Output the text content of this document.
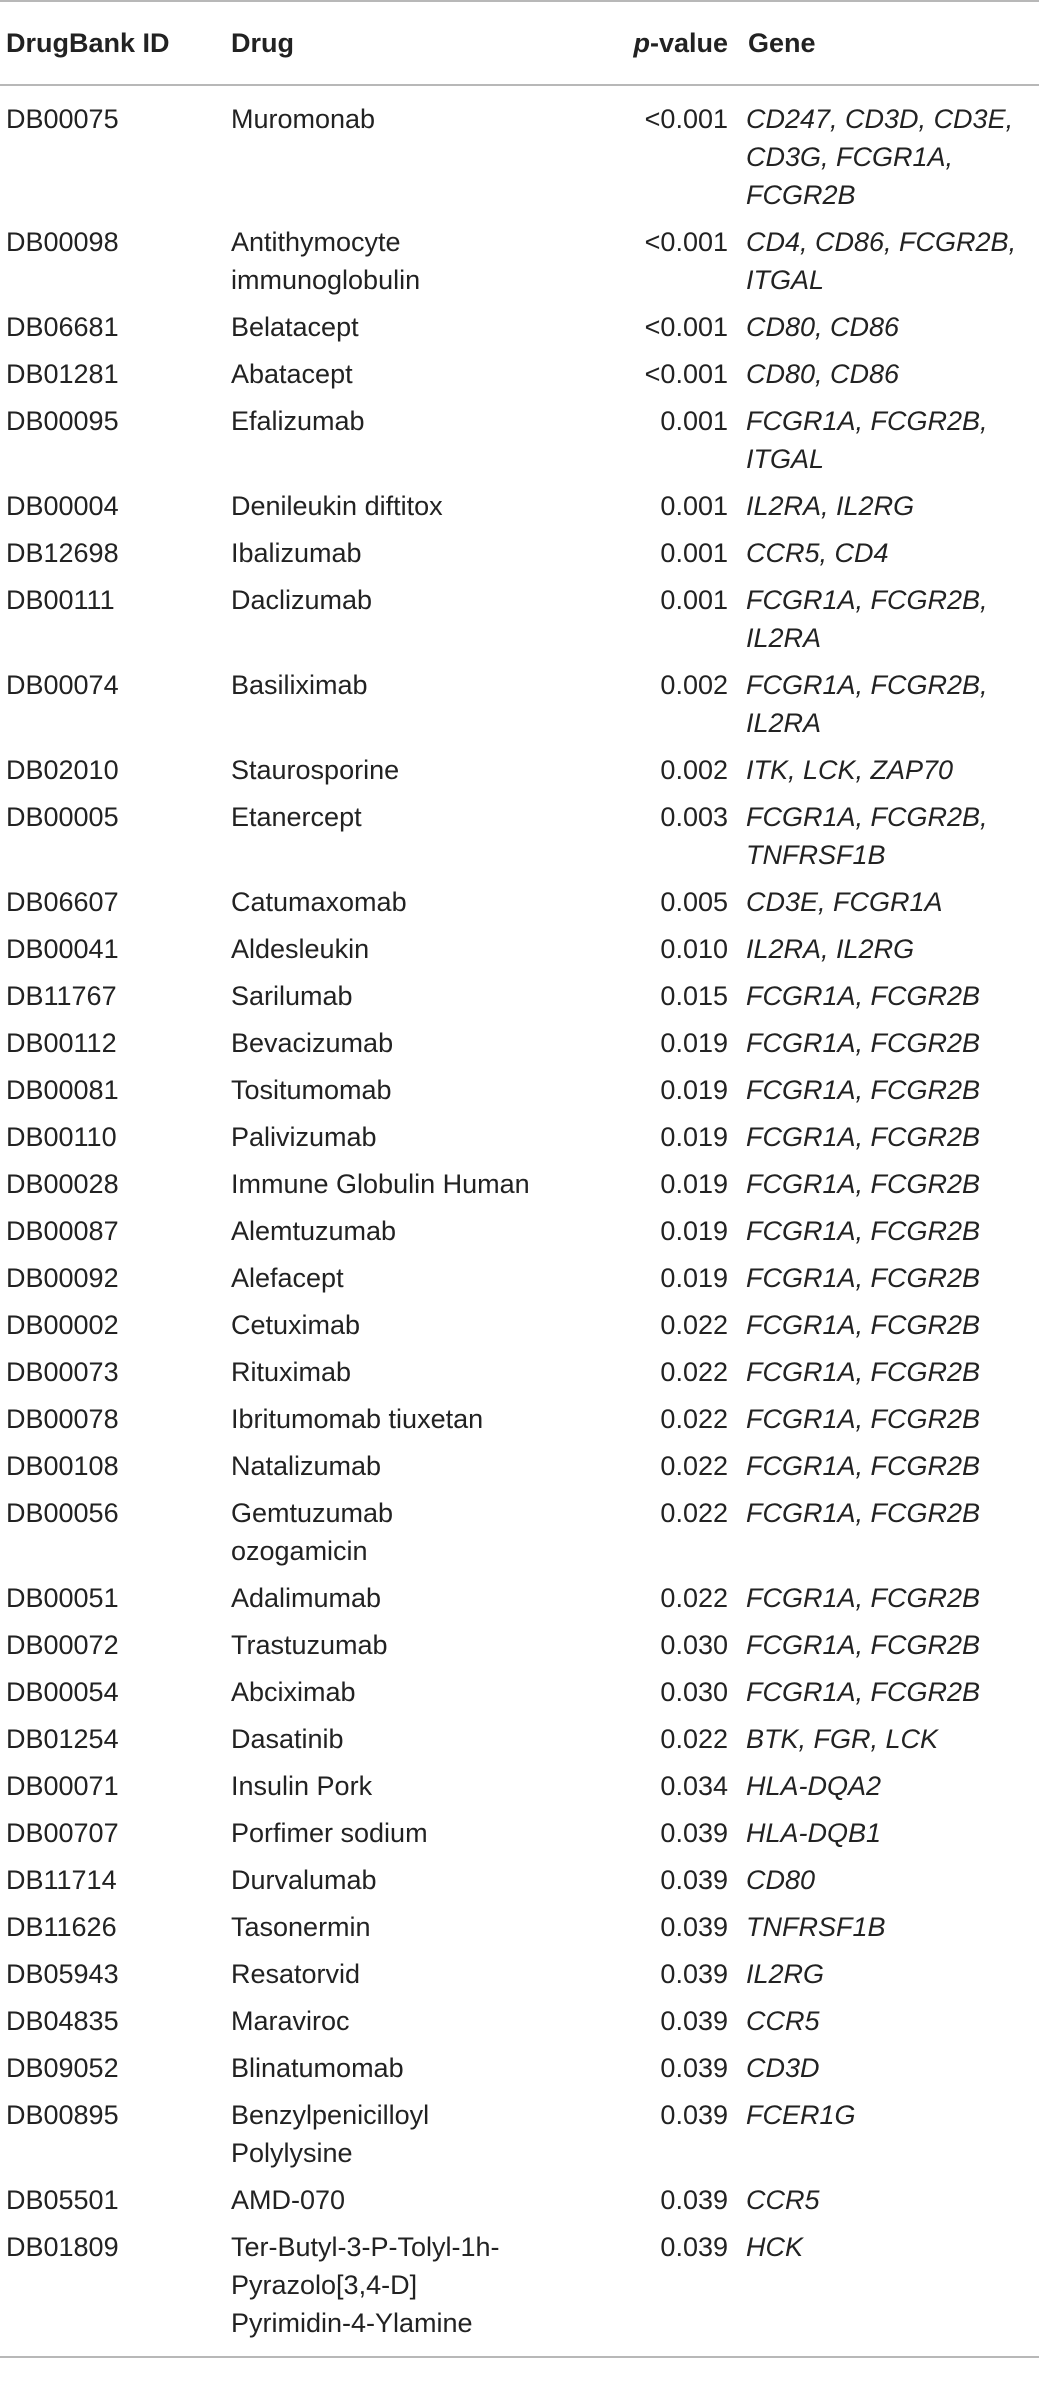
DrugBank ID	Drug	p-value	Gene
DB00075	Muromonab	<0.001	CD247, CD3D, CD3E,
CD3G, FCGR1A,
FCGR2B

DB00098	Antithymocyte
immunoglobulin	<0.001	CD4, CD86, FCGR2B,
ITGAL

DB06681	Belatacept	<0.001	CD80, CD86

DB01281	Abatacept	<0.001	CD80, CD86

DB00095	Efalizumab	0.001	FCGR1A, FCGR2B,
ITGAL

DB00004	Denileukin diftitox	0.001	IL2RA, IL2RG

DB12698	Ibalizumab	0.001	CCR5, CD4

DB00111	Daclizumab	0.001	FCGR1A, FCGR2B,
IL2RA

DB00074	Basiliximab	0.002	FCGR1A, FCGR2B,
IL2RA

DB02010	Staurosporine	0.002	ITK, LCK, ZAP70

DB00005	Etanercept	0.003	FCGR1A, FCGR2B,
TNFRSF1B

DB06607	Catumaxomab	0.005	CD3E, FCGR1A

DB00041	Aldesleukin	0.010	IL2RA, IL2RG

DB11767	Sarilumab	0.015	FCGR1A, FCGR2B

DB00112	Bevacizumab	0.019	FCGR1A, FCGR2B

DB00081	Tositumomab	0.019	FCGR1A, FCGR2B

DB00110	Palivizumab	0.019	FCGR1A, FCGR2B

DB00028	Immune Globulin Human	0.019	FCGR1A, FCGR2B

DB00087	Alemtuzumab	0.019	FCGR1A, FCGR2B

DB00092	Alefacept	0.019	FCGR1A, FCGR2B

DB00002	Cetuximab	0.022	FCGR1A, FCGR2B

DB00073	Rituximab	0.022	FCGR1A, FCGR2B

DB00078	Ibritumomab tiuxetan	0.022	FCGR1A, FCGR2B

DB00108	Natalizumab	0.022	FCGR1A, FCGR2B

DB00056	Gemtuzumab
ozogamicin	0.022	FCGR1A, FCGR2B

DB00051	Adalimumab	0.022	FCGR1A, FCGR2B

DB00072	Trastuzumab	0.030	FCGR1A, FCGR2B

DB00054	Abciximab	0.030	FCGR1A, FCGR2B

DB01254	Dasatinib	0.022	BTK, FGR, LCK

DB00071	Insulin Pork	0.034	HLA-DQA2

DB00707	Porfimer sodium	0.039	HLA-DQB1

DB11714	Durvalumab	0.039	CD80

DB11626	Tasonermin	0.039	TNFRSF1B

DB05943	Resatorvid	0.039	IL2RG

DB04835	Maraviroc	0.039	CCR5

DB09052	Blinatumomab	0.039	CD3D

DB00895	Benzylpenicilloyl
Polylysine	0.039	FCER1G

DB05501	AMD-070	0.039	CCR5

DB01809	Ter-Butyl-3-P-Tolyl-1h-
Pyrazolo[3,4-D]
Pyrimidin-4-Ylamine	0.039	HCK
